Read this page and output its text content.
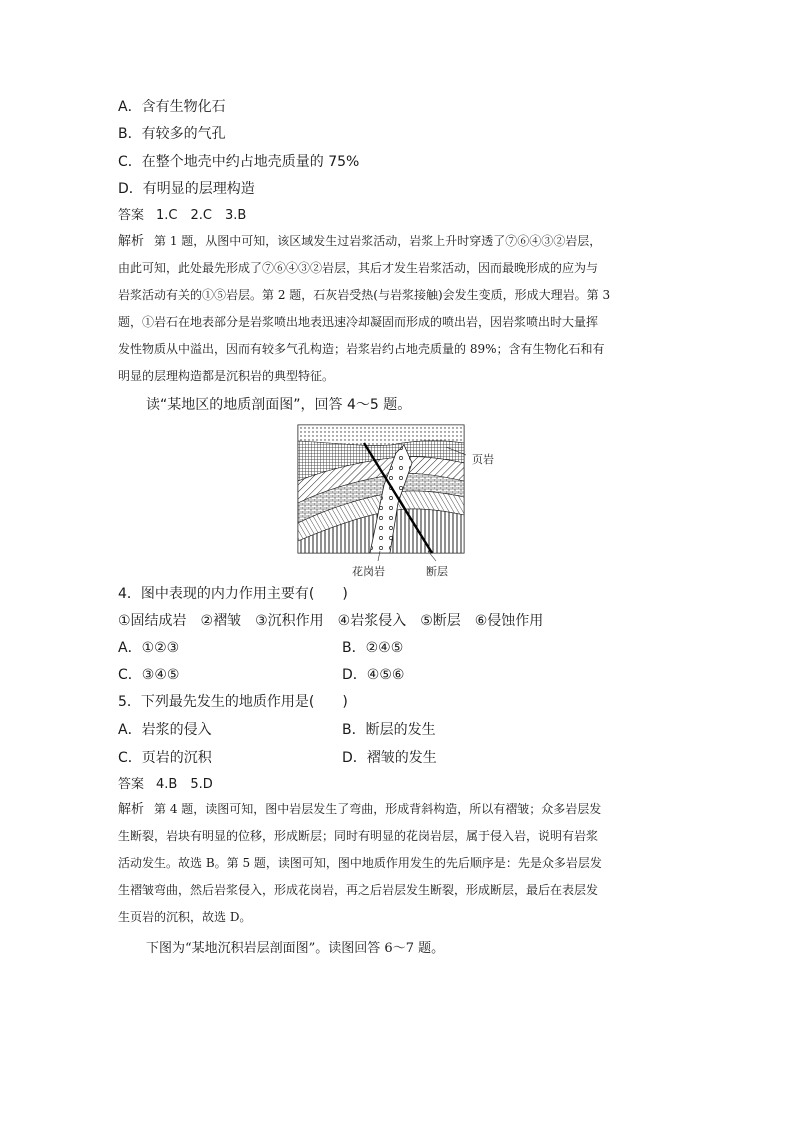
A．含有生物化石
B．有较多的气孔
C．在整个地壳中约占地壳质量的 75%
D．有明显的层理构造
答案 1.C　2.C　3.B
解析 第 1 题，从图中可知，该区域发生过岩浆活动，岩浆上升时穿透了⑦⑥④③②岩层，
由此可知，此处最先形成了⑦⑥④③②岩层，其后才发生岩浆活动，因而最晚形成的应为与
岩浆活动有关的①⑤岩层。第 2 题，石灰岩受热(与岩浆接触)会发生变质，形成大理岩。第 3
题，①岩石在地表部分是岩浆喷出地表迅速冷却凝固而形成的喷出岩，因岩浆喷出时大量挥
发性物质从中溢出，因而有较多气孔构造；岩浆岩约占地壳质量的 89%；含有生物化石和有
明显的层理构造都是沉积岩的典型特征。
读“某地区的地质剖面图”，回答 4～5 题。
页岩
花岗岩	断层
4．图中表现的内力作用主要有(　　)
①固结成岩　②褶皱　③沉积作用　④岩浆侵入　⑤断层　⑥侵蚀作用
A．①②③	B．②④⑤
C．③④⑤	D．④⑤⑥
5．下列最先发生的地质作用是(　　)
A．岩浆的侵入	B．断层的发生
C．页岩的沉积	D．褶皱的发生
答案 4.B　5.D
解析 第 4 题，读图可知，图中岩层发生了弯曲，形成背斜构造，所以有褶皱；众多岩层发
生断裂，岩块有明显的位移，形成断层；同时有明显的花岗岩层，属于侵入岩，说明有岩浆
活动发生。故选 B。第 5 题，读图可知，图中地质作用发生的先后顺序是：先是众多岩层发
生褶皱弯曲，然后岩浆侵入，形成花岗岩，再之后岩层发生断裂，形成断层，最后在表层发
生页岩的沉积，故选 D。
下图为“某地沉积岩层剖面图”。读图回答 6～7 题。
